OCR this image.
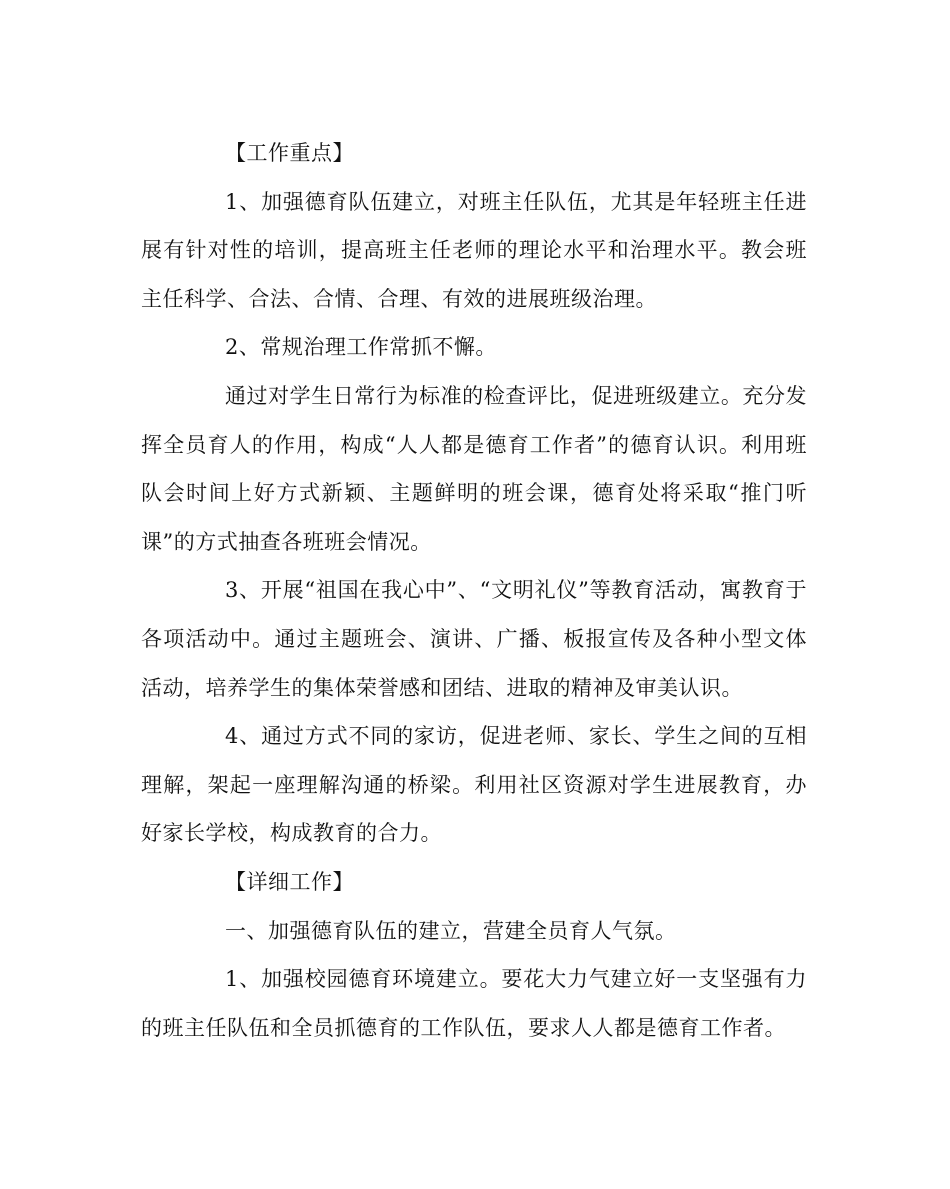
【工作重点】

1、加强德育队伍建立，对班主任队伍，尤其是年轻班主任进展有针对性的培训，提高班主任老师的理论水平和治理水平。教会班主任科学、合法、合情、合理、有效的进展班级治理。

2、常规治理工作常抓不懈。

通过对学生日常行为标准的检查评比，促进班级建立。充分发挥全员育人的作用，构成“人人都是德育工作者”的德育认识。利用班队会时间上好方式新颖、主题鲜明的班会课，德育处将采取“推门听课”的方式抽查各班班会情况。

3、开展“祖国在我心中”、“文明礼仪”等教育活动，寓教育于各项活动中。通过主题班会、演讲、广播、板报宣传及各种小型文体活动，培养学生的集体荣誉感和团结、进取的精神及审美认识。

4、通过方式不同的家访，促进老师、家长、学生之间的互相理解，架起一座理解沟通的桥梁。利用社区资源对学生进展教育，办好家长学校，构成教育的合力。

【详细工作】

一、加强德育队伍的建立，营建全员育人气氛。

1、加强校园德育环境建立。要花大力气建立好一支坚强有力的班主任队伍和全员抓德育的工作队伍，要求人人都是德育工作者。
